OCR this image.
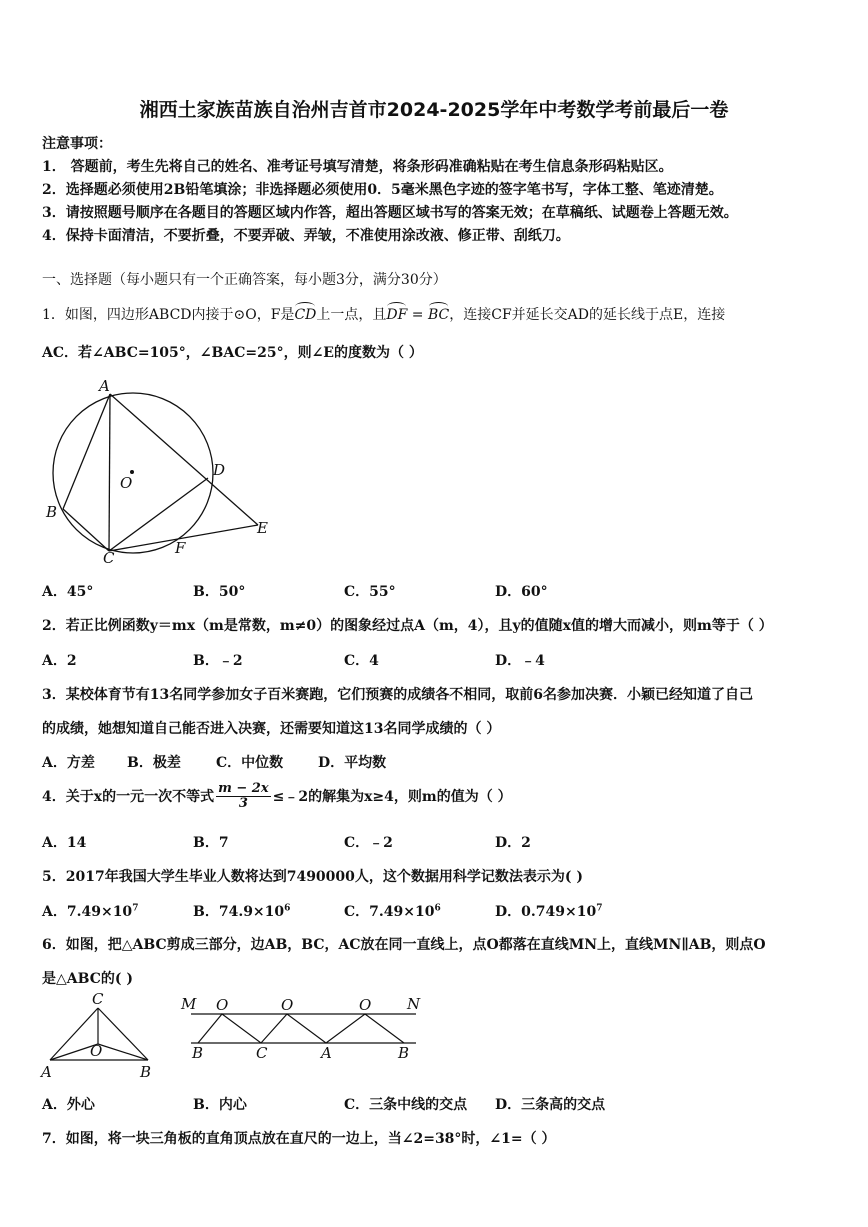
湘西土家族苗族自治州吉首市2024-2025学年中考数学考前最后一卷
注意事项：
1． 答题前，考生先将自己的姓名、准考证号填写清楚，将条形码准确粘贴在考生信息条形码粘贴区。
2．选择题必须使用2B铅笔填涂；非选择题必须使用0．5毫米黑色字迹的签字笔书写，字体工整、笔迹清楚。
3．请按照题号顺序在各题目的答题区域内作答，超出答题区域书写的答案无效；在草稿纸、试题卷上答题无效。
4．保持卡面清洁，不要折叠，不要弄破、弄皱，不准使用涂改液、修正带、刮纸刀。
一、选择题（每小题只有一个正确答案，每小题3分，满分30分）
1．如图，四边形ABCD内接于⊙O，F是CD上一点，且DF = BC，连接CF并延长交AD的延长线于点E，连接
AC．若∠ABC=105°，∠BAC=25°，则∠E的度数为（ ）
A
B
C
D
E
F
O
A．45°	B．50°	C．55°	D．60°
2．若正比例函数y＝mx（m是常数，m≠0）的图象经过点A（m，4），且y的值随x值的增大而减小，则m等于（ ）
A．2	B．﹣2	C．4	D．﹣4
3．某校体育节有13名同学参加女子百米赛跑，它们预赛的成绩各不相同，取前6名参加决赛．小颖已经知道了自己
的成绩，她想知道自己能否进入决赛，还需要知道这13名同学成绩的（ ）
A．方差 B．极差	C．中位数 D．平均数
4．关于x的一元一次不等式 $\frac{m - 2x}{3}$ ≤﹣2的解集为x≥4，则m的值为（ ）
A．14	B．7	C．﹣2	D．2
5．2017年我国大学生毕业人数将达到7490000人，这个数据用科学记数法表示为( )
A．$7.49\times 10^7$	B．$74.9\times 10^6$	C．$7.49\times 10^6$	D．$0.749\times 10^7$
6．如图，把△ABC剪成三部分，边AB，BC，AC放在同一直线上，点O都落在直线MN上，直线MN∥AB，则点O
是△ABC的( )
C
O
A	B
M O	O	O N
B	C	A	B
A．外心	B．内心	C．三条中线的交点 D．三条高的交点
7．如图，将一块三角板的直角顶点放在直尺的一边上，当∠2=38°时，∠1=（ ）
